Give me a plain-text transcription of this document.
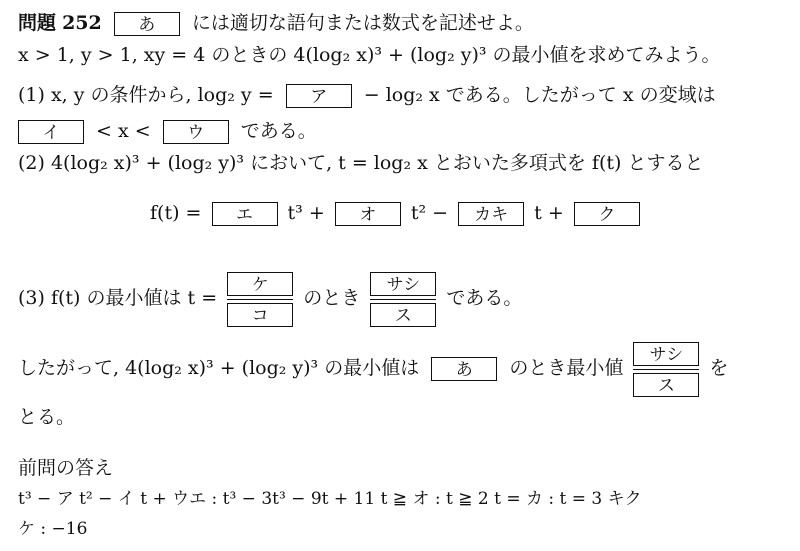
問題 252 あ には適切な語句または数式を記述せよ。
x > 1, y > 1, xy = 4 のときの 4(log₂ x)³ + (log₂ y)³ の最小値を求めてみよう。
(1) x, y の条件から, log₂ y = ア − log₂ x である。したがって x の変域は
イ < x < ウ である。
(2) 4(log₂ x)³ + (log₂ y)³ において, t = log₂ x とおいた多項式を f(t) とすると
f(t) = エ t³ + オ t² − カキ t + ク
(3) f(t) の最小値は $t = \frac{\text{ケ}}{\text{コ}}$ のとき $\frac{\text{サシ}}{\text{ス}}$ である。
したがって, 4(log₂ x)³ + (log₂ y)³ の最小値は あ のとき最小値 $\frac{\text{サシ}}{\text{ス}}$ を
とる。
前問の答え
t³ − ア t² − イ t + ウエ : t³ − 3t³ − 9t + 11 t ≧ オ : t ≧ 2 t = カ : t = 3 キク
ケ : −16
